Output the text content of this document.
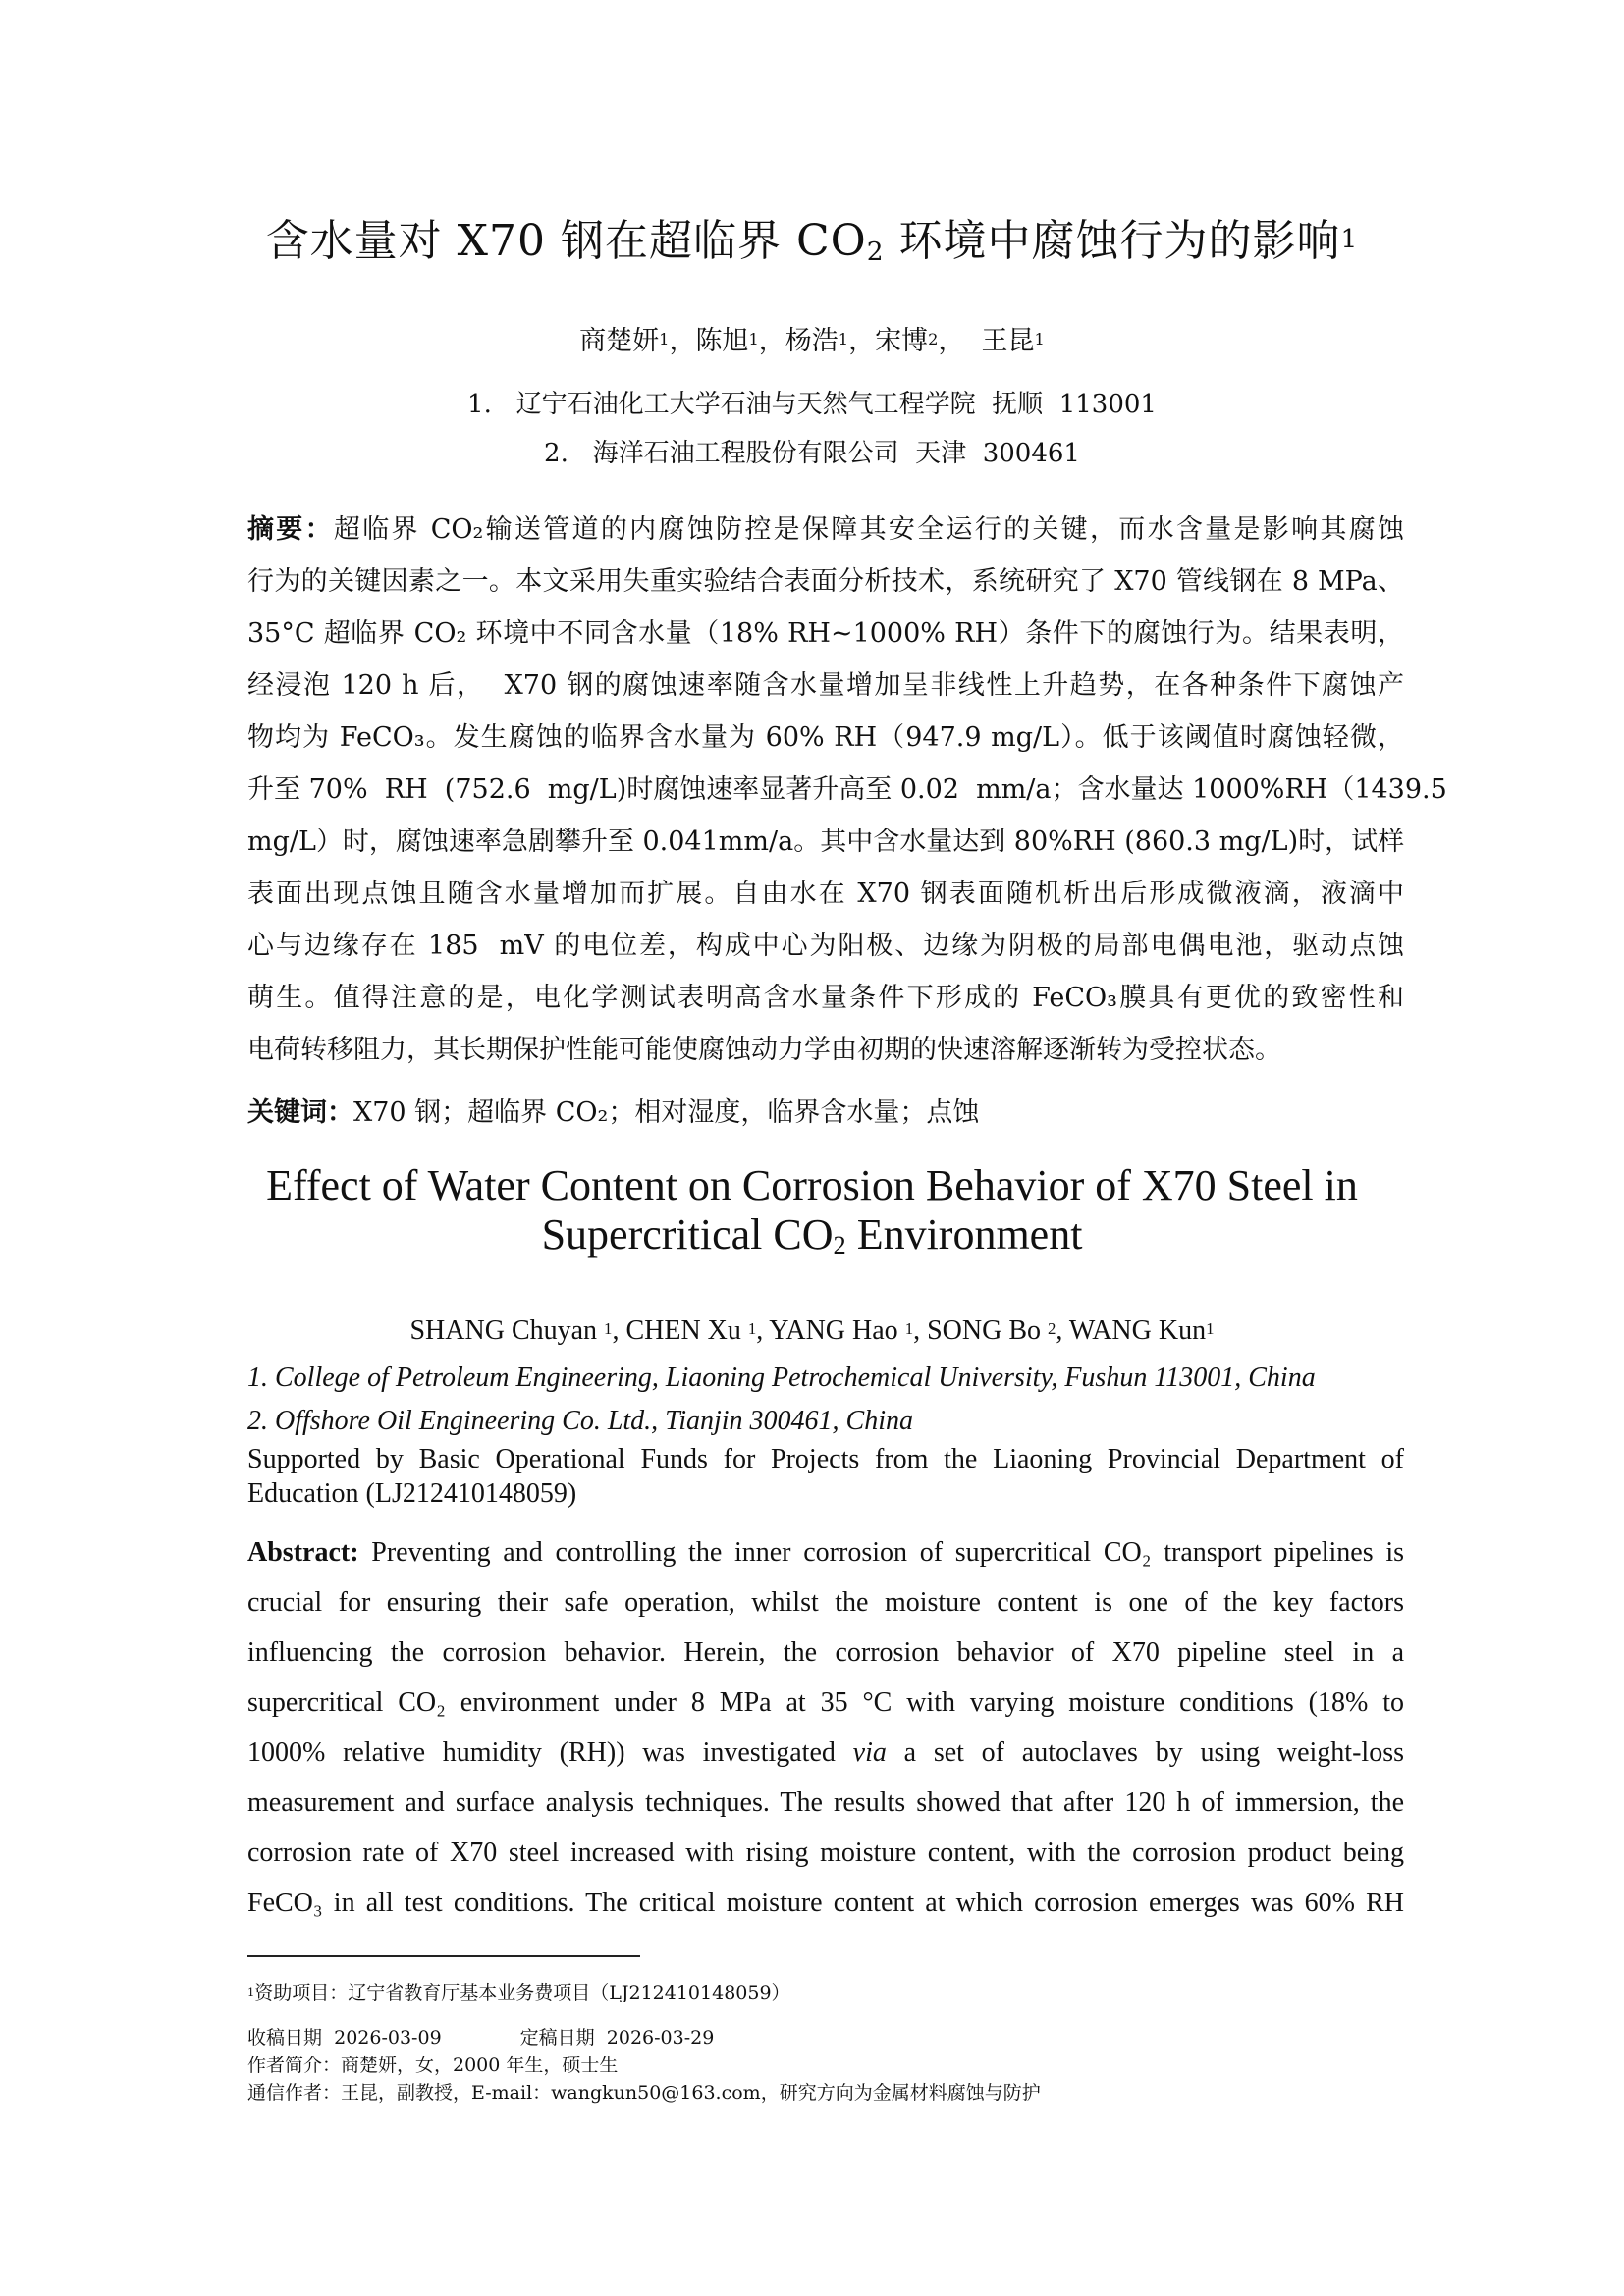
含水量对 X70 钢在超临界 $CO_2$ 环境中腐蚀行为的影响$^1$
商楚妍$^1$，陈旭$^1$，杨浩$^1$，宋博$^2$，  王昆$^1$
1.   辽宁石油化工大学石油与天然气工程学院  抚顺  113001
2.   海洋石油工程股份有限公司  天津  300461
摘要：超临界 CO₂输送管道的内腐蚀防控是保障其安全运行的关键，而水含量是影响其腐蚀
行为的关键因素之一。本文采用失重实验结合表面分析技术，系统研究了 X70 管线钢在 8 MPa、
35°C 超临界 CO₂ 环境中不同含水量（18% RH~1000% RH）条件下的腐蚀行为。结果表明，
经浸泡 120 h 后，  X70 钢的腐蚀速率随含水量增加呈非线性上升趋势，在各种条件下腐蚀产
物均为 FeCO₃。发生腐蚀的临界含水量为 60% RH（947.9 mg/L）。低于该阈值时腐蚀轻微，
升至 70%  RH  (752.6  mg/L)时腐蚀速率显著升高至 0.02  mm/a；含水量达 1000%RH（1439.5
mg/L）时，腐蚀速率急剧攀升至 0.041mm/a。其中含水量达到 80%RH (860.3 mg/L)时，试样
表面出现点蚀且随含水量增加而扩展。自由水在 X70 钢表面随机析出后形成微液滴，液滴中
心与边缘存在 185  mV 的电位差，构成中心为阳极、边缘为阴极的局部电偶电池，驱动点蚀
萌生。值得注意的是，电化学测试表明高含水量条件下形成的 FeCO₃膜具有更优的致密性和
电荷转移阻力，其长期保护性能可能使腐蚀动力学由初期的快速溶解逐渐转为受控状态。
关键词：X70 钢；超临界 CO₂；相对湿度，临界含水量；点蚀
Effect of Water Content on Corrosion Behavior of X70 Steel in
Supercritical $CO_2$ Environment
SHANG Chuyan $^1$, CHEN Xu $^1$, YANG Hao $^1$, SONG Bo $^2$, WANG Kun$^1$
1. College of Petroleum Engineering, Liaoning Petrochemical University, Fushun 113001, China
2. Offshore Oil Engineering Co. Ltd., Tianjin 300461, China
Supported by Basic Operational Funds for Projects from the Liaoning Provincial Department of
Education (LJ212410148059)
Abstract: Preventing and controlling the inner corrosion of supercritical CO₂ transport pipelines is
crucial for ensuring their safe operation, whilst the moisture content is one of the key factors
influencing the corrosion behavior. Herein, the corrosion behavior of X70 pipeline steel in a
supercritical CO₂ environment under 8 MPa at 35 °C with varying moisture conditions (18% to
1000% relative humidity (RH)) was investigated via a set of autoclaves by using weight-loss
measurement and surface analysis techniques. The results showed that after 120 h of immersion, the
corrosion rate of X70 steel increased with rising moisture content, with the corrosion product being
FeCO₃ in all test conditions. The critical moisture content at which corrosion emerges was 60% RH
$^1$资助项目：辽宁省教育厅基本业务费项目（LJ212410148059）
收稿日期 2026-03-09	定稿日期 2026-03-29
作者简介：商楚妍，女，2000 年生，硕士生
通信作者：王昆，副教授，E-mail：wangkun50@163.com，研究方向为金属材料腐蚀与防护
